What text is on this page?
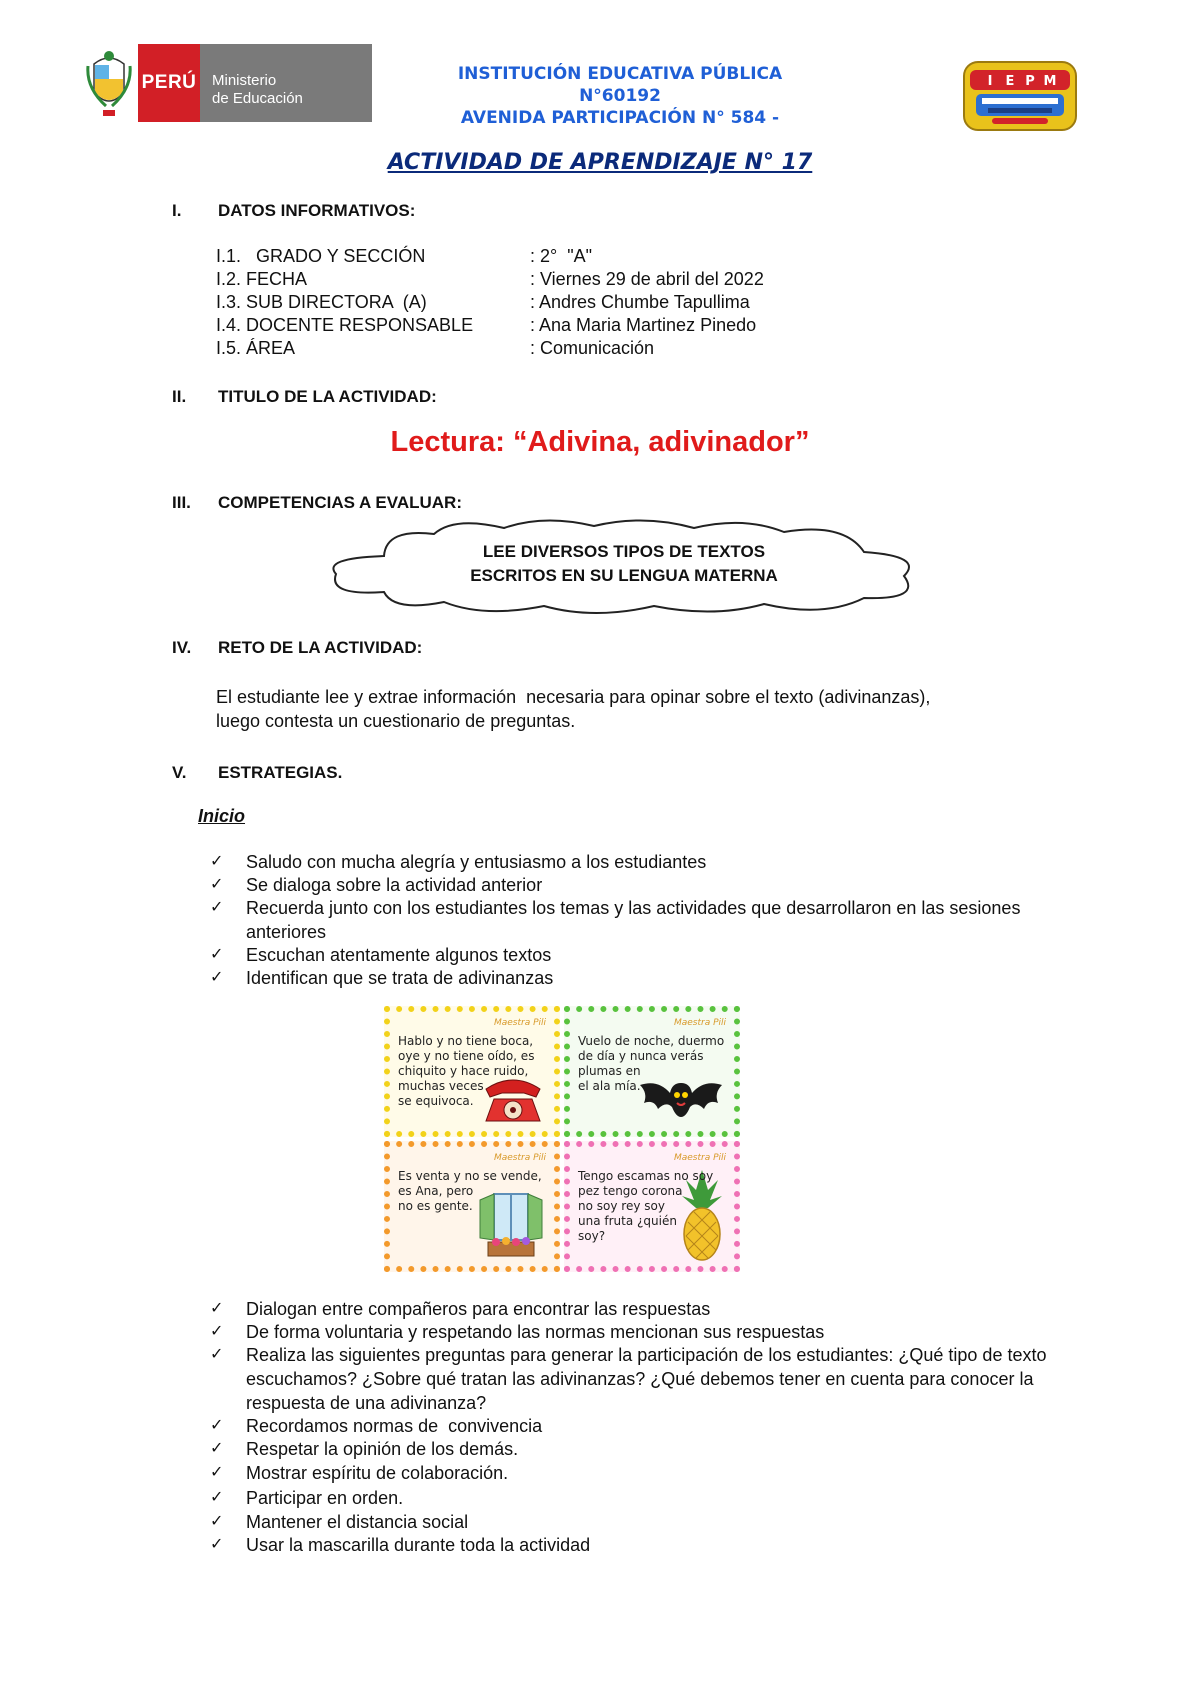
PERÚ Ministerio
de Educación
INSTITUCIÓN EDUCATIVA PÚBLICA
N°60192
AVENIDA PARTICIPACIÓN N° 584 -
I E P M
ACTIVIDAD DE APRENDIZAJE N° 17
I. DATOS INFORMATIVOS:
I.1.   GRADO Y SECCIÓN	: 2°  "A"
I.2. FECHA	: Viernes 29 de abril del 2022
I.3. SUB DIRECTORA  (A)	: Andres Chumbe Tapullima
I.4. DOCENTE RESPONSABLE	: Ana Maria Martinez Pinedo
I.5. ÁREA	: Comunicación
II. TITULO DE LA ACTIVIDAD:
Lectura: “Adivina, adivinador”
III. COMPETENCIAS A EVALUAR:
LEE DIVERSOS TIPOS DE TEXTOS
ESCRITOS EN SU LENGUA MATERNA
IV. RETO DE LA ACTIVIDAD:
El estudiante lee y extrae información  necesaria para opinar sobre el texto (adivinanzas),
luego contesta un cuestionario de preguntas.
V. ESTRATEGIAS.
Inicio
✓ Saludo con mucha alegría y entusiasmo a los estudiantes
✓ Se dialoga sobre la actividad anterior
✓ Recuerda junto con los estudiantes los temas y las actividades que desarrollaron en las sesiones anteriores
✓ Escuchan atentamente algunos textos
✓ Identifican que se trata de adivinanzas
Maestra Pili
Hablo y no tiene boca,
oye y no tiene oído, es
chiquito y hace ruido,
muchas veces
se equivoca.
Maestra Pili
Vuelo de noche, duermo
de día y nunca verás
plumas en
el ala mía.
Maestra Pili
Es venta y no se vende,
es Ana, pero
no es gente.
Maestra Pili
Tengo escamas no soy
pez tengo corona
no soy rey soy
una fruta ¿quién
soy?
✓ Dialogan entre compañeros para encontrar las respuestas
✓ De forma voluntaria y respetando las normas mencionan sus respuestas
✓ Realiza las siguientes preguntas para generar la participación de los estudiantes: ¿Qué tipo de texto escuchamos? ¿Sobre qué tratan las adivinanzas? ¿Qué debemos tener en cuenta para conocer la respuesta de una adivinanza?
✓ Recordamos normas de  convivencia
✓ Respetar la opinión de los demás.
✓ Mostrar espíritu de colaboración.
✓ Participar en orden.
✓ Mantener el distancia social
✓ Usar la mascarilla durante toda la actividad
